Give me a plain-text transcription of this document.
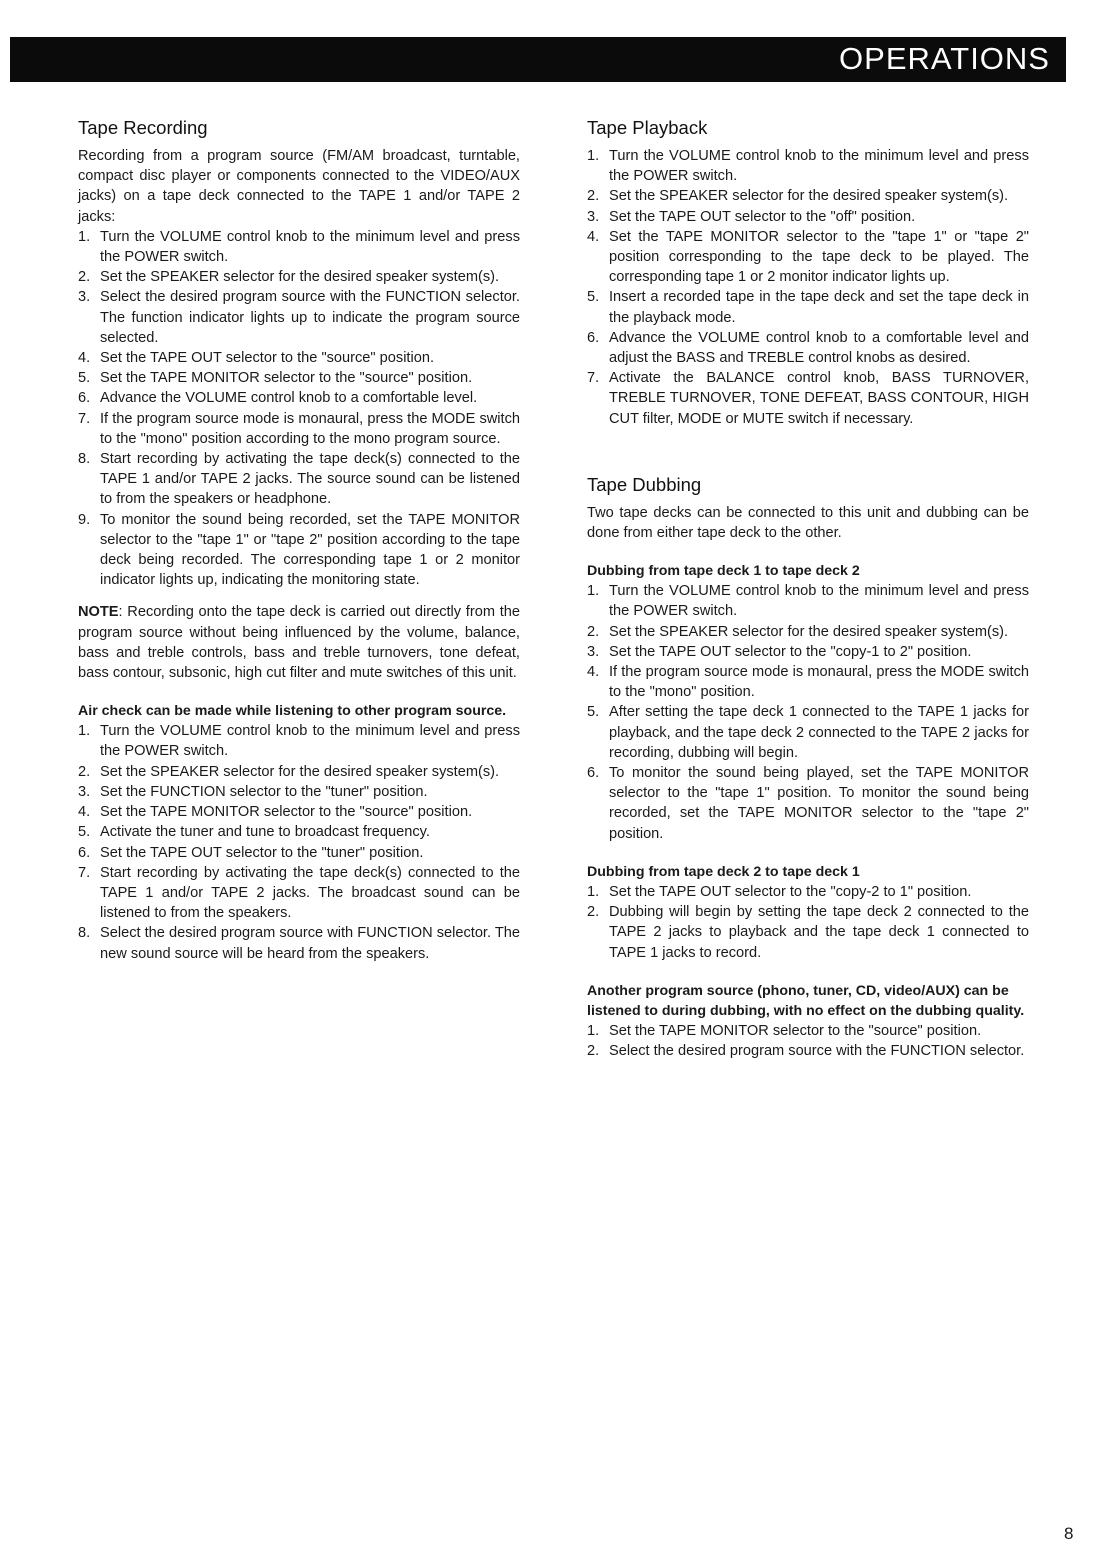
OPERATIONS
Tape Recording

Recording from a program source (FM/AM broadcast, turntable, compact disc player or components connected to the VIDEO/AUX jacks) on a tape deck connected to the TAPE 1 and/or TAPE 2 jacks:

1. Turn the VOLUME control knob to the minimum level and press the POWER switch.
2. Set the SPEAKER selector for the desired speaker system(s).
3. Select the desired program source with the FUNCTION selector. The function indicator lights up to indicate the program source selected.
4. Set the TAPE OUT selector to the "source" position.
5. Set the TAPE MONITOR selector to the "source" position.
6. Advance the VOLUME control knob to a comfortable level.
7. If the program source mode is monaural, press the MODE switch to the "mono" position according to the mono program source.
8. Start recording by activating the tape deck(s) connected to the TAPE 1 and/or TAPE 2 jacks. The source sound can be listened to from the speakers or headphone.
9. To monitor the sound being recorded, set the TAPE MONITOR selector to the "tape 1" or "tape 2" position according to the tape deck being recorded. The corresponding tape 1 or 2 monitor indicator lights up, indicating the monitoring state.

NOTE: Recording onto the tape deck is carried out directly from the program source without being influenced by the volume, balance, bass and treble controls, bass and treble turnovers, tone defeat, bass contour, subsonic, high cut filter and mute switches of this unit.

Air check can be made while listening to other program source.
1. Turn the VOLUME control knob to the minimum level and press the POWER switch.
2. Set the SPEAKER selector for the desired speaker system(s).
3. Set the FUNCTION selector to the "tuner" position.
4. Set the TAPE MONITOR selector to the "source" position.
5. Activate the tuner and tune to broadcast frequency.
6. Set the TAPE OUT selector to the "tuner" position.
7. Start recording by activating the tape deck(s) connected to the TAPE 1 and/or TAPE 2 jacks. The broadcast sound can be listened to from the speakers.
8. Select the desired program source with FUNCTION selector. The new sound source will be heard from the speakers.
Tape Playback
1. Turn the VOLUME control knob to the minimum level and press the POWER switch.
2. Set the SPEAKER selector for the desired speaker system(s).
3. Set the TAPE OUT selector to the "off" position.
4. Set the TAPE MONITOR selector to the "tape 1" or "tape 2" position corresponding to the tape deck to be played. The corresponding tape 1 or 2 monitor indicator lights up.
5. Insert a recorded tape in the tape deck and set the tape deck in the playback mode.
6. Advance the VOLUME control knob to a comfortable level and adjust the BASS and TREBLE control knobs as desired.
7. Activate the BALANCE control knob, BASS TURNOVER, TREBLE TURNOVER, TONE DEFEAT, BASS CONTOUR, HIGH CUT filter, MODE or MUTE switch if necessary.
Tape Dubbing

Two tape decks can be connected to this unit and dubbing can be done from either tape deck to the other.

Dubbing from tape deck 1 to tape deck 2
1. Turn the VOLUME control knob to the minimum level and press the POWER switch.
2. Set the SPEAKER selector for the desired speaker system(s).
3. Set the TAPE OUT selector to the "copy-1 to 2" position.
4. If the program source mode is monaural, press the MODE switch to the "mono" position.
5. After setting the tape deck 1 connected to the TAPE 1 jacks for playback, and the tape deck 2 connected to the TAPE 2 jacks for recording, dubbing will begin.
6. To monitor the sound being played, set the TAPE MONITOR selector to the "tape 1" position. To monitor the sound being recorded, set the TAPE MONITOR selector to the "tape 2" position.
Dubbing from tape deck 2 to tape deck 1
1. Set the TAPE OUT selector to the "copy-2 to 1" position.
2. Dubbing will begin by setting the tape deck 2 connected to the TAPE 2 jacks to playback and the tape deck 1 connected to TAPE 1 jacks to record.
Another program source (phono, tuner, CD, video/AUX) can be listened to during dubbing, with no effect on the dubbing quality.
1. Set the TAPE MONITOR selector to the "source" position.
2. Select the desired program source with the FUNCTION selector.
8
